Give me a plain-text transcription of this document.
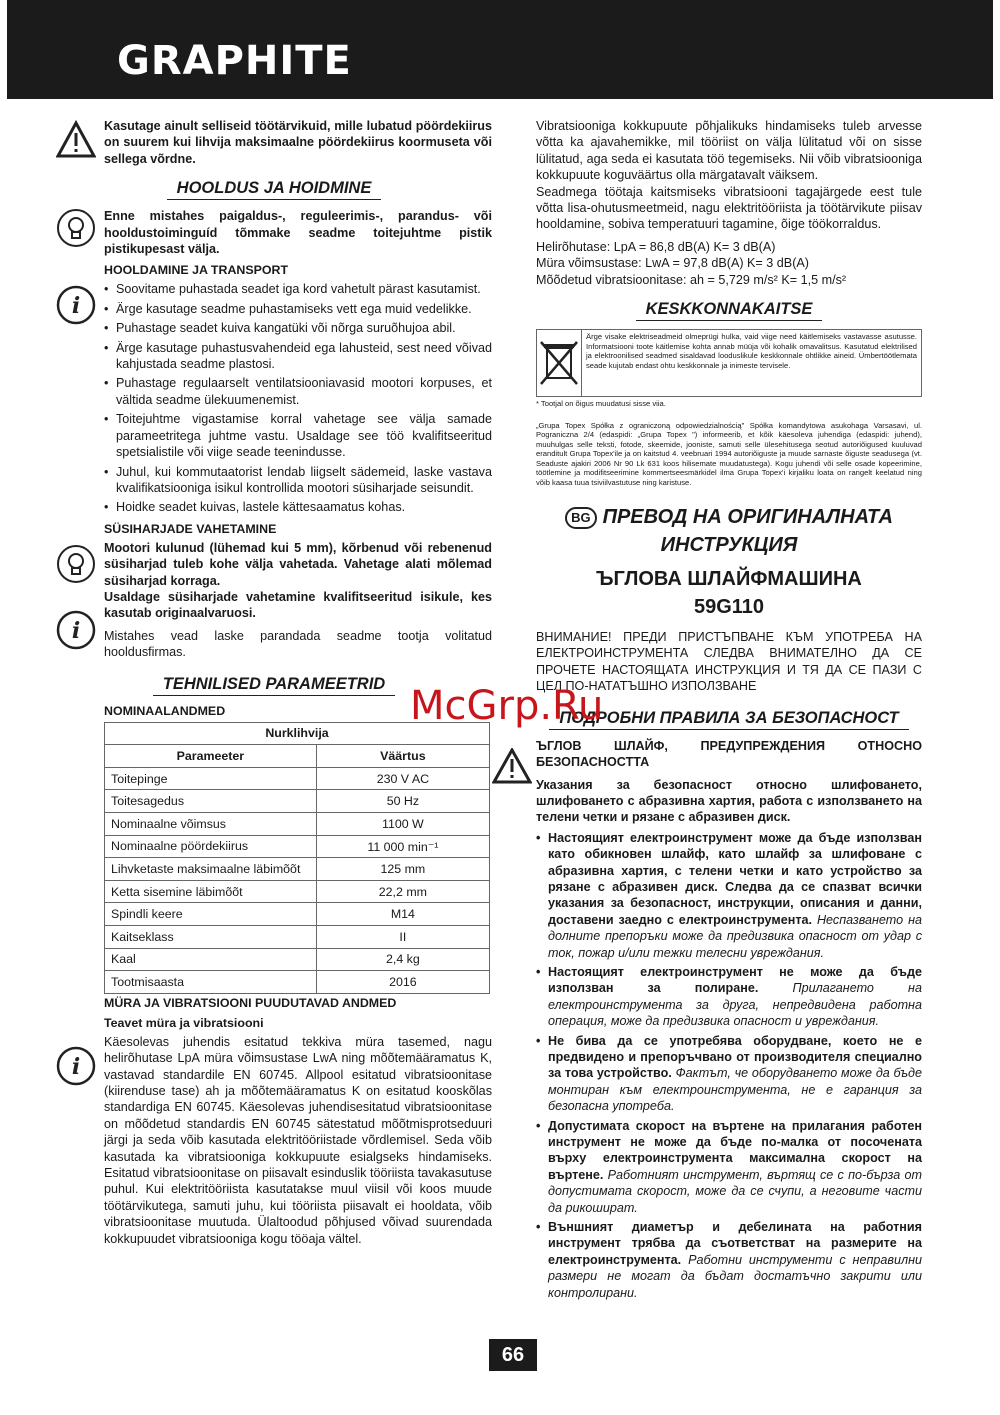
GRAPHITE

Kasutage ainult selliseid töötärvikuid, mille lubatud pöördekiirus on suurem kui lihvija maksimaalne pöördekiirus koormuseta või sellega võrdne.

HOOLDUS JA HOIDMINE

Enne mistahes paigaldus-, reguleerimis-, parandus- või hooldustoiminguíd tõmmake seadme toitejuhtme pistik pistikupesast välja.

HOOLDAMINE JA TRANSPORT

i
• Soovitame puhastada seadet iga kord vahetult pärast kasutamist.
• Ärge kasutage seadme puhastamiseks vett ega muid vedelikke.
• Puhastage seadet kuiva kangatüki või nõrga suruõhujoa abil.
• Ärge kasutage puhastusvahendeid ega lahusteid, sest need võivad kahjustada seadme plastosi.
• Puhastage regulaarselt ventilatsiooniavasid mootori korpuses, et vältida seadme ülekuumenemist.
• Toitejuhtme vigastamise korral vahetage see välja samade parameetritega juhtme vastu. Usaldage see töö kvalifitseeritud spetsialistile või viige seade teenindusse.
• Juhul, kui kommutaatorist lendab liigselt sädemeid, laske vastava kvalifikatsiooniga isikul kontrollida mootori süsiharjade seisundit.
• Hoidke seadet kuivas, lastele kättesaamatus kohas.

SÜSIHARJADE VAHETAMINE

Mootori kulunud (lühemad kui 5 mm), kõrbenud või rebenenud süsiharjad tuleb kohe välja vahetada. Vahetage alati mõlemad süsiharjad korraga.

i

Usaldage süsiharjade vahetamine kvalifitseeritud isikule, kes kasutab originaalvaruosi.

Mistahes vead laske parandada seadme tootja volitatud hooldusfirmas.

TEHNILISED PARAMEETRID

NOMINAALANDMED

Nurklihvija	
Parameeter	Väärtus
Toitepinge	230 V AC
Toitesagedus	50 Hz
Nominaalne võimsus	1100 W
Nominaalne pöördekiirus	11 000 min⁻¹
Lihvketaste maksimaalne läbimõõt	125 mm
Ketta sisemine läbimõõt	22,2 mm
Spindli keere	M14
Kaitseklass	II
Kaal	2,4 kg
Tootmisaasta	2016

MÜRA JA VIBRATSIOONI PUUDUTAVAD ANDMED

Teavet müra ja vibratsiooni

i

Käesolevas juhendis esitatud tekkiva müra tasemed, nagu helirõhutase LpA müra võimsustase LwA ning mõõtemääramatus K, vastavad standardile EN 60745. Allpool esitatud vibratsioonitase (kiirenduse tase) ah ja mõõtemääramatus K on esitatud kooskõlas standardiga EN 60745. Käesolevas juhendisesitatud vibratsioonitase on mõõdetud standardis EN 60745 sätestatud mõõtmisprotseduuri järgi ja seda võib kasutada elektritööriistade võrdlemisel. Seda võib kasutada ka vibratsiooniga kokkupuute esialgseks hindamiseks. Esitatud vibratsioonitase on piisavalt esinduslik tööriista tavakasutuse puhul. Kui elektritööriista kasutatakse muul viisil või koos muude töötärvikutega, samuti juhu, kui tööriista piisavalt ei hooldata, võib vibratsioonitase muutuda. Ülaltoodud põhjused võivad suurendada kokkupuudet vibratsiooniga kogu tööaja vältel.

Vibratsiooniga kokkupuute põhjalikuks hindamiseks tuleb arvesse võtta ka ajavahemikke, mil tööriist on välja lülitatud või on sisse lülitatud, aga seda ei kasutata töö tegemiseks. Nii võib vibratsiooniga kokkupuute koguväärtus olla märgatavalt väiksem.

Seadmega töötaja kaitsmiseks vibratsiooni tagajärgede eest tule võtta lisa-ohutusmeetmeid, nagu elektritööriista ja töötärvikute piisav hooldamine, sobiva temperatuuri tagamine, õige töökorraldus.

Helirõhutase: LpA = 86,8 dB(A) K= 3 dB(A)

Müra võimsustase: LwA = 97,8 dB(A) K= 3 dB(A)

Mõõdetud vibratsioonitase: ah = 5,729 m/s² K= 1,5 m/s²

KESKKONNAKAITSE
Ärge visake elektriseadmeid olmeprügi hulka, vaid viige need käitlemiseks vastavasse asutusse. Informatsiooni toote käitlemise kohta annab müüja või kohalik omavalitsus. Kasutatud elektrilised ja elektroonilised seadmed sisaldavad looduslikule keskkonnale ohtlikke aineid. Ümbertöötlemata seade kujutab endast ohtu keskkonnale ja inimeste tervisele.

* Tootjal on õigus muudatusi sisse viia.

„Grupa Topex Spółka z ograniczoną odpowiedzialnością" Spółka komandytowa asukohaga Varsasavi, ul. Pograniczna 2/4 (edaspidi: „Grupa Topex ") informeerib, et kõik käesoleva juhendiga (edaspidi: juhend), muuhulgas selle teksti, fotode, skeemide, jooniste, samuti selle ülesehitusega seotud autoriõigused kuuluvad eranditult Grupa Topex'ile ja on kaitstud 4. veebruari 1994 autoriõiguste ja muude sarnaste õiguste seadusega (vt. Seaduste ajakiri 2006 Nr 90 Lk 631 koos hilisemate muudatustega). Kogu juhendi või selle osade kopeerimine, töötlemine ja modifitseerimine kommertseesmärkidel ilma Grupa Topex'i kirjaliku loata on rangelt keelatud ning võib kaasa tuua tsiviilvastutuse ning karistuse.

BG ПРЕВОД НА ОРИГИНАЛНАТА
ИНСТРУКЦИЯ
ЪГЛОВА ШЛАЙФМАШИНА
59G110

ВНИМАНИЕ! ПРЕДИ ПРИСТЪПВАНЕ КЪМ УПОТРЕБА НА ЕЛЕКТРОИНСТРУМЕНТА СЛЕДВА ВНИМАТЕЛНО ДА СЕ ПРОЧЕТЕ НАСТОЯЩАТА ИНСТРУКЦИЯ И ТЯ ДА СЕ ПАЗИ С ЦЕЛ ПО-НАТАТЪШНО ИЗПОЛЗВАНЕ

ПОДРОБНИ ПРАВИЛА ЗА БЕЗОПАСНОСТ

ЪГЛОВ ШЛАЙФ, ПРЕДУПРЕЖДЕНИЯ ОТНОСНО БЕЗОПАСНОСТТА

Указания за безопасност относно шлифоването, шлифоването с абразивна хартия, работа с използването на телени четки и рязане с абразивен диск.

• Настоящият електроинструмент може да бъде използван като обикновен шлайф, като шлайф за шлифоване с абразивна хартия, с телени четки и като устройство за рязане с абразивен диск. Следва да се спазват всички указания за безопасност, инструкции, описания и данни, доставени заедно с електроинструмента. Неспазването на долните препоръки може да предизвика опасност от удар с ток, пожар и/или тежки телесни увреждания.
• Настоящият електроинструмент не може да бъде използван за полиране.	Прилагането на електроинструмента за друга, непредвидена работна операция, може да предизвика опасност и увреждания.
• Не бива да се употребява оборудване, което не е предвидено и препоръчвано от производителя специално за това устройство. Фактът, че оборудването може да бъде монтиран към електроинструмента, не е гаранция за безопасна употреба.
• Допустимата скорост на въртене на прилагания работен инструмент не може да бъде по-малка от посочената върху електроинструмента максимална скорост на въртене. Работният инструмент, въртящ се с по-бърза от допустимата скорост, може да се счупи, а неговите части да рикошират.
• Външният диаметър и дебелината на работния инструмент трябва да съответстват на размерите на електроинструмента. Работни инструменти с неправилни размери не могат да бъдат достатъчно закрити или контролирани.
McGrp.Ru
66
